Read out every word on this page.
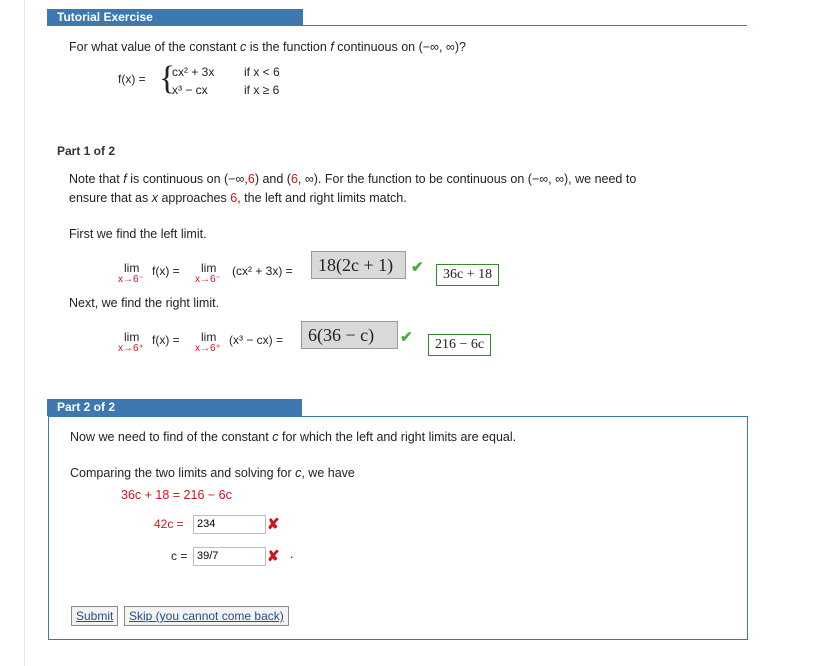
Tutorial Exercise
For what value of the constant c is the function f continuous on (−∞, ∞)?
f(x) = {
cx² + 3x if x < 6
x³ − cx	if x ≥ 6
Part 1 of 2
Note that f is continuous on (−∞,6) and (6, ∞). For the function to be continuous on (−∞, ∞), we need to
ensure that as x approaches 6, the left and right limits match.
First we find the left limit.
lim
x→6⁻
f(x) = lim
x→6⁻
(cx² + 3x) =	18(2c + 1)	✔	36c + 18
Next, we find the right limit.
lim
x→6⁺
f(x) = lim
x→6⁺
(x³ − cx) =	6(36 − c)	✔	216 − 6c
Part 2 of 2
Now we need to find of the constant c for which the left and right limits are equal.
Comparing the two limits and solving for c, we have
36c + 18 = 216 − 6c
42c =
234	✘
c =
39/7	✘ .
Submit	Skip (you cannot come back)
